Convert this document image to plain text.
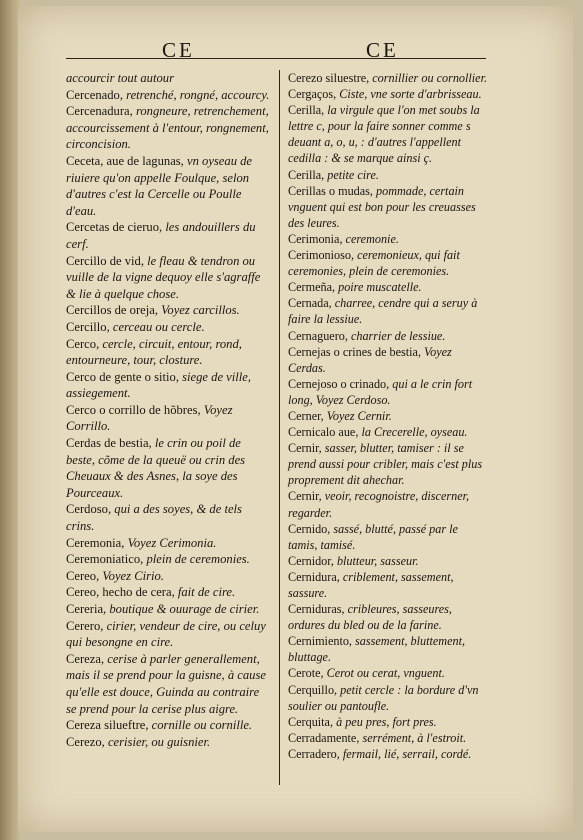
CE	CE

accourcir tout autour

Cercenado, retrenché, rongné, accourcy.

Cercenadura, rongneure, retrenchement, accourcissement à l'entour, rongnement, circoncision.

Ceceta, aue de lagunas, vn oyseau de riuiere qu'on appelle Foulque, selon d'autres c'est la Cercelle ou Poulle d'eau.

Cercetas de cieruo, les andouillers du cerf.

Cercillo de vid, le fleau & tendron ou vuille de la vigne dequoy elle s'agraffe & lie à quelque chose.

Cercillos de oreja, Voyez carcillos.

Cercillo, cerceau ou cercle.

Cerco, cercle, circuit, entour, rond, entourneure, tour, closture.

Cerco de gente o sitio, siege de ville, assiegement.

Cerco o corrillo de hõbres, Voyez Corrillo.

Cerdas de bestia, le crin ou poil de beste, cõme de la queuë ou crin des Cheuaux & des Asnes, la soye des Pourceaux.

Cerdoso, qui a des soyes, & de tels crins.

Ceremonia, Voyez Cerimonia.

Ceremoniatico, plein de ceremonies.

Cereo, Voyez Cirio.

Cereo, hecho de cera, fait de cire.

Cereria, boutique & ouurage de cirier.

Cerero, cirier, vendeur de cire, ou celuy qui besongne en cire.

Cereza, cerise à parler generallement, mais il se prend pour la guisne, à cause qu'elle est douce, Guinda au contraire se prend pour la cerise plus aigre.

Cereza silueftre, cornille ou cornille.

Cerezo, cerisier, ou guisnier.

Cerezo siluestre, cornillier ou cornollier.

Cergaços, Ciste, vne sorte d'arbrisseau.

Cerilla, la virgule que l'on met soubs la lettre c, pour la faire sonner comme s deuant a, o, u, : d'autres l'appellent cedilla : & se marque ainsi ç.

Cerilla, petite cire.

Cerillas o mudas, pommade, certain vnguent qui est bon pour les creuasses des leures.

Cerimonia, ceremonie.

Cerimonioso, ceremonieux, qui fait ceremonies, plein de ceremonies.

Cermeña, poire muscatelle.

Cernada, charree, cendre qui a seruy à faire la lessiue.

Cernaguero, charrier de lessiue.

Cernejas o crines de bestia, Voyez Cerdas.

Cernejoso o crinado, qui a le crin fort long, Voyez Cerdoso.

Cerner, Voyez Cernir.

Cernicalo aue, la Crecerelle, oyseau.

Cernir, sasser, blutter, tamiser : il se prend aussi pour cribler, mais c'est plus proprement dit ahechar.

Cernir, veoir, recognoistre, discerner, regarder.

Cernido, sassé, blutté, passé par le tamis, tamisé.

Cernidor, blutteur, sasseur.

Cernidura, criblement, sassement, sassure.

Cerniduras, cribleures, sasseures, ordures du bled ou de la farine.

Cernimiento, sassement, bluttement, bluttage.

Cerote, Cerot ou cerat, vnguent.

Cerquillo, petit cercle : la bordure d'vn soulier ou pantoufle.

Cerquita, à peu pres, fort pres.

Cerradamente, serrément, à l'estroit.

Cerradero, fermail, lié, serrail, cordé.
